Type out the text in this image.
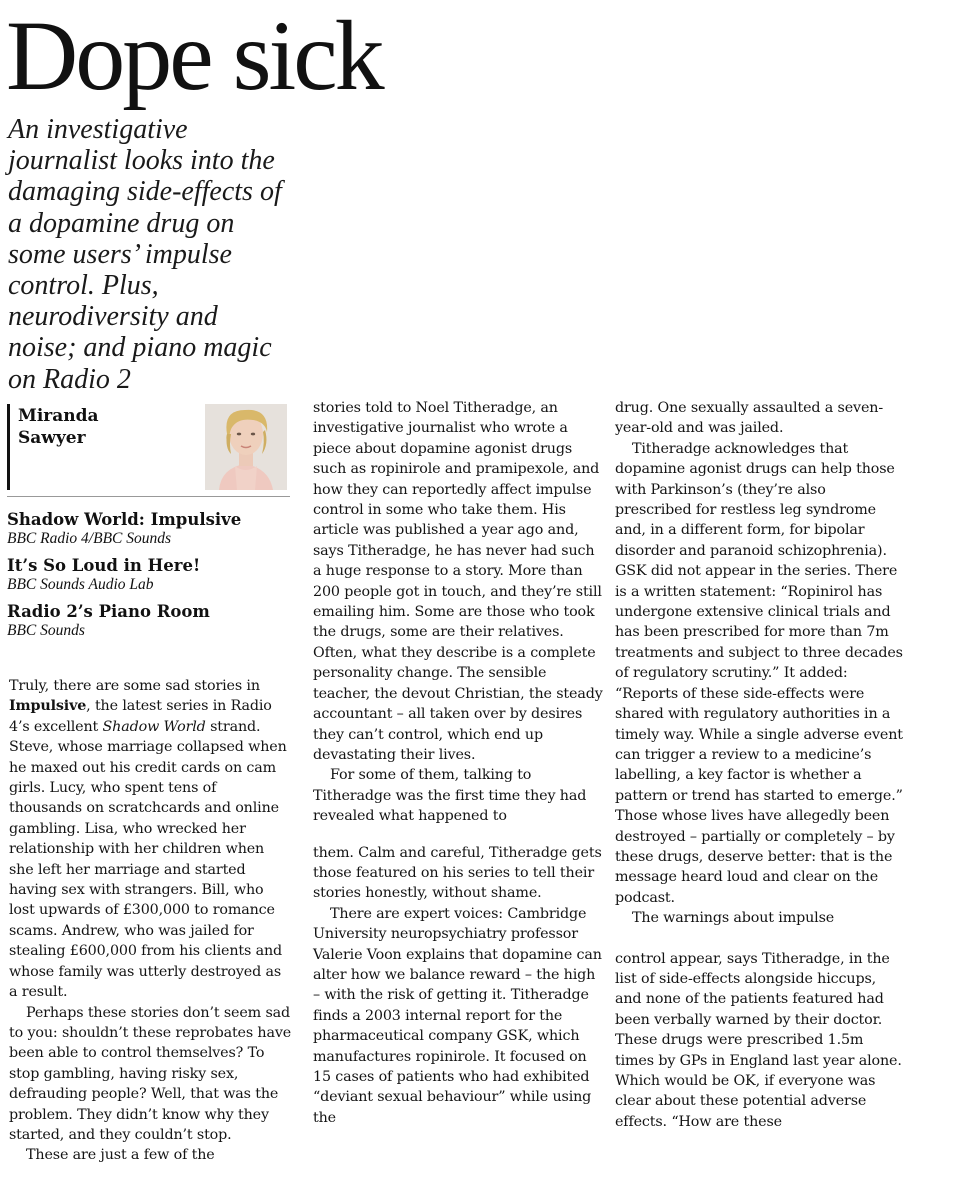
Dope sick

An investigative journalist looks into the damaging side-effects of a dopamine drug on some users’ impulse control. Plus, neurodiversity and noise; and piano magic on Radio 2

Miranda
Sawyer
Shadow World: Impulsive
BBC Radio 4/BBC Sounds
It’s So Loud in Here!
BBC Sounds Audio Lab
Radio 2’s Piano Room
BBC Sounds

Truly, there are some sad stories in Impulsive, the latest series in Radio 4’s excellent Shadow World strand. Steve, whose marriage collapsed when he maxed out his credit cards on cam girls. Lucy, who spent tens of thousands on scratchcards and online gambling. Lisa, who wrecked her relationship with her children when she left her marriage and started having sex with strangers. Bill, who lost upwards of £300,000 to romance scams. Andrew, who was jailed for stealing £600,000 from his clients and whose family was utterly destroyed as a result.

Perhaps these stories don’t seem sad to you: shouldn’t these reprobates have been able to control themselves? To stop gambling, having risky sex, defrauding people? Well, that was the problem. They didn’t know why they started, and they couldn’t stop.

These are just a few of the

stories told to Noel Titheradge, an investigative journalist who wrote a piece about dopamine agonist drugs such as ropinirole and pramipexole, and how they can reportedly affect impulse control in some who take them. His article was published a year ago and, says Titheradge, he has never had such a huge response to a story. More than 200 people got in touch, and they’re still emailing him. Some are those who took the drugs, some are their relatives. Often, what they describe is a complete personality change. The sensible teacher, the devout Christian, the steady accountant – all taken over by desires they can’t control, which end up devastating their lives.

For some of them, talking to Titheradge was the first time they had revealed what happened to

them. Calm and careful, Titheradge gets those featured on his series to tell their stories honestly, without shame.

There are expert voices: Cambridge University neuropsychiatry professor Valerie Voon explains that dopamine can alter how we balance reward – the high – with the risk of getting it. Titheradge finds a 2003 internal report for the pharmaceutical company GSK, which manufactures ropinirole. It focused on 15 cases of patients who had exhibited “deviant sexual behaviour” while using the

drug. One sexually assaulted a seven-year-old and was jailed.

Titheradge acknowledges that dopamine agonist drugs can help those with Parkinson’s (they’re also prescribed for restless leg syndrome and, in a different form, for bipolar disorder and paranoid schizophrenia). GSK did not appear in the series. There is a written statement: “Ropinirol has undergone extensive clinical trials and has been prescribed for more than 7m treatments and subject to three decades of regulatory scrutiny.” It added: “Reports of these side-effects were shared with regulatory authorities in a timely way. While a single adverse event can trigger a review to a medicine’s labelling, a key factor is whether a pattern or trend has started to emerge.” Those whose lives have allegedly been destroyed – partially or completely – by these drugs, deserve better: that is the message heard loud and clear on the podcast.

The warnings about impulse

control appear, says Titheradge, in the list of side-effects alongside hiccups, and none of the patients featured had been verbally warned by their doctor. These drugs were prescribed 1.5m times by GPs in England last year alone. Which would be OK, if everyone was clear about these potential adverse effects. “How are these
